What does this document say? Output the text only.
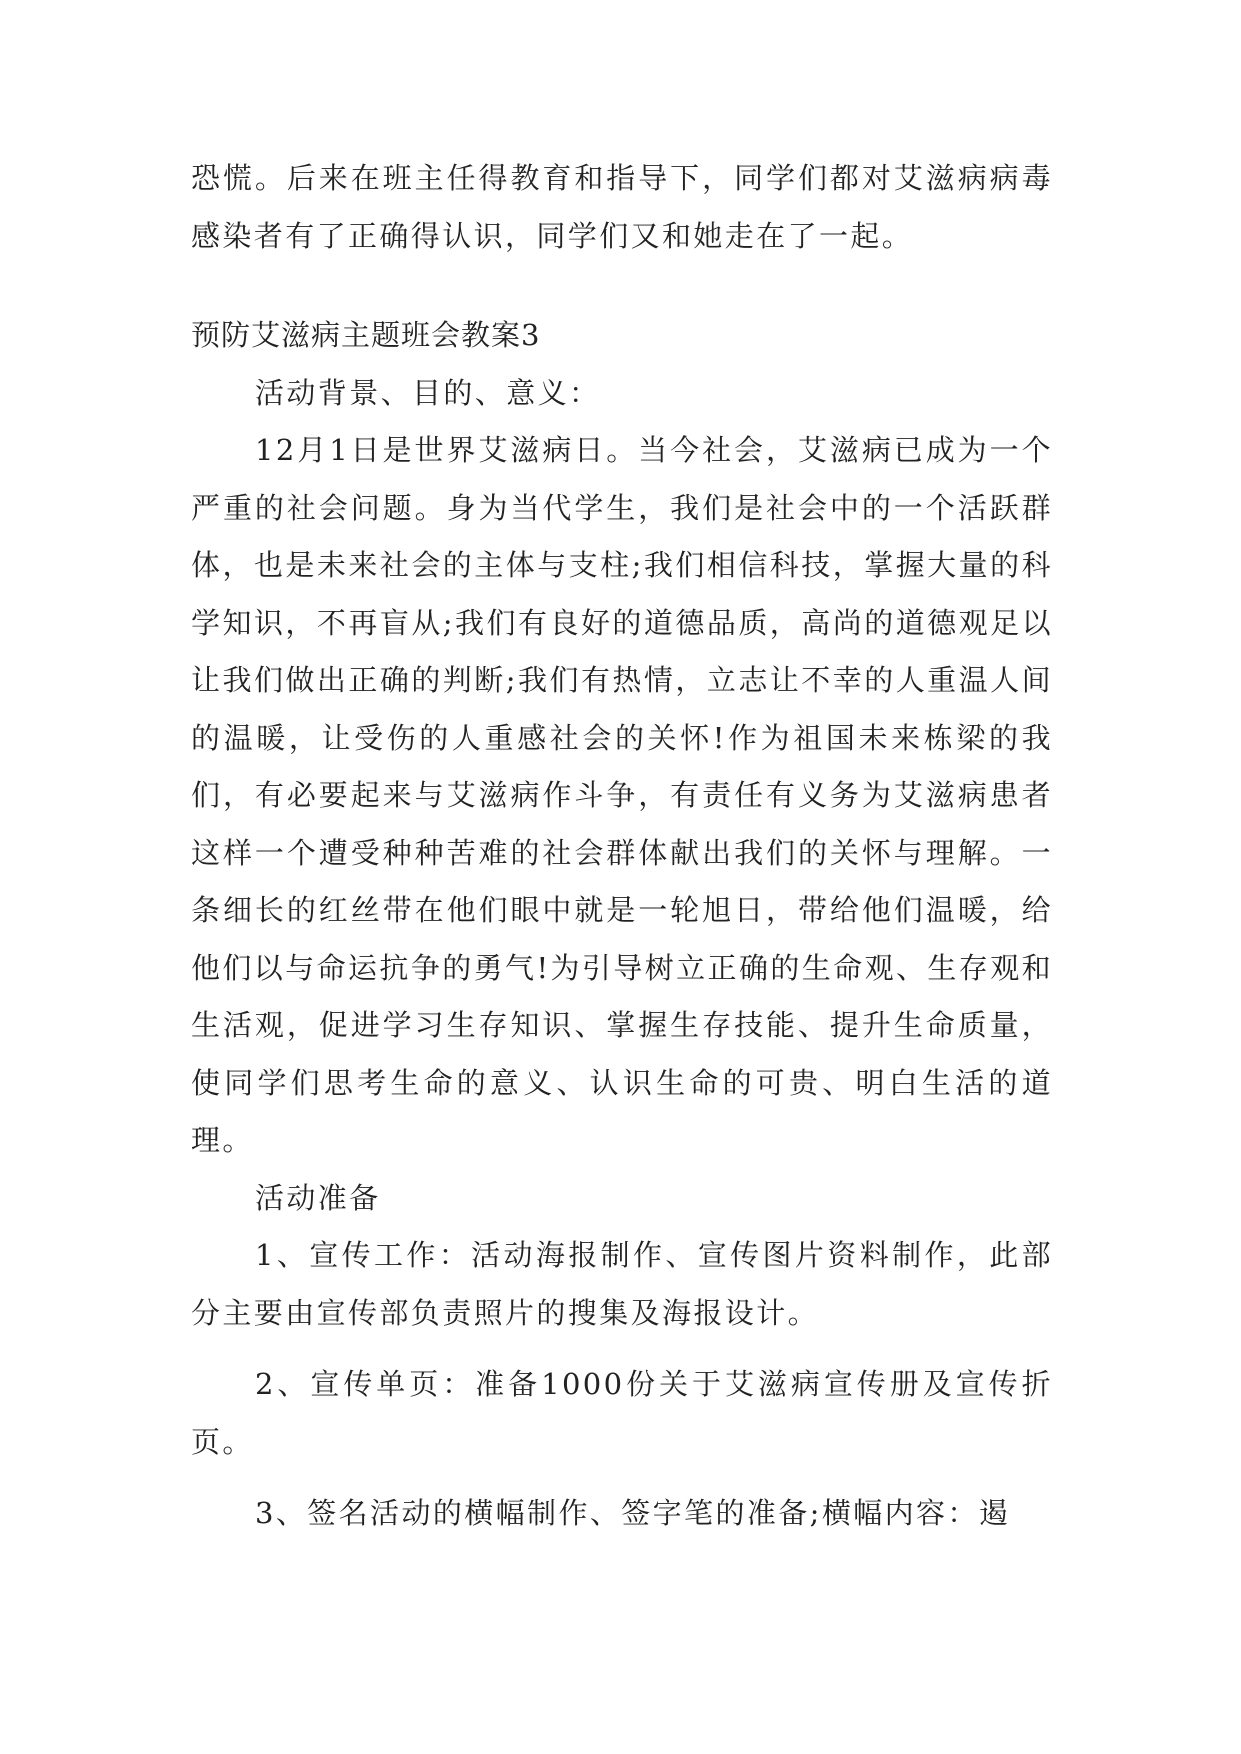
恐慌。后来在班主任得教育和指导下，同学们都对艾滋病病毒感染者有了正确得认识，同学们又和她走在了一起。

预防艾滋病主题班会教案3

活动背景、目的、意义：

12月1日是世界艾滋病日。当今社会，艾滋病已成为一个严重的社会问题。身为当代学生，我们是社会中的一个活跃群体，也是未来社会的主体与支柱;我们相信科技，掌握大量的科学知识，不再盲从;我们有良好的道德品质，高尚的道德观足以让我们做出正确的判断;我们有热情，立志让不幸的人重温人间的温暖，让受伤的人重感社会的关怀!作为祖国未来栋梁的我们，有必要起来与艾滋病作斗争，有责任有义务为艾滋病患者这样一个遭受种种苦难的社会群体献出我们的关怀与理解。一条细长的红丝带在他们眼中就是一轮旭日，带给他们温暖，给他们以与命运抗争的勇气!为引导树立正确的生命观、生存观和生活观，促进学习生存知识、掌握生存技能、提升生命质量，使同学们思考生命的意义、认识生命的可贵、明白生活的道理。

活动准备

1、宣传工作：活动海报制作、宣传图片资料制作，此部分主要由宣传部负责照片的搜集及海报设计。

2、宣传单页：准备1000份关于艾滋病宣传册及宣传折页。

3、签名活动的横幅制作、签字笔的准备;横幅内容：遏
